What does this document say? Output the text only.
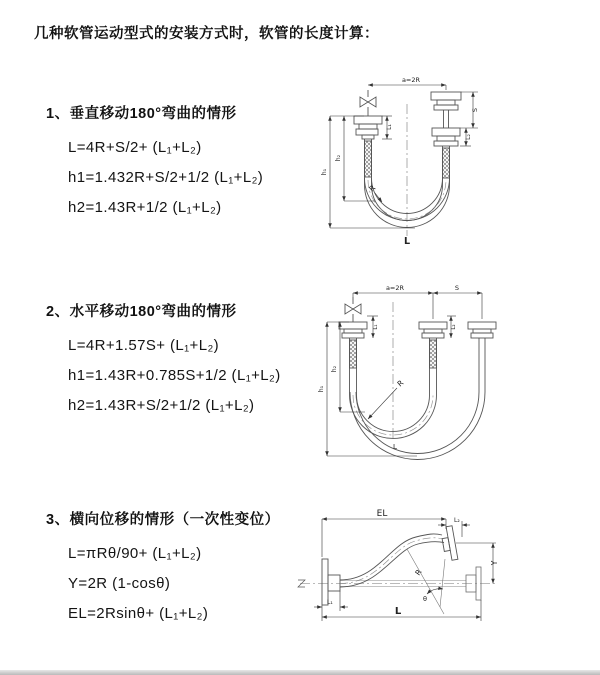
几种软管运动型式的安装方式时，软管的长度计算：
1、垂直移动180°弯曲的情形
L=4R+S/2+ (L₁+L₂)
h1=1.432R+S/2+1/2 (L₁+L₂)
h2=1.43R+1/2 (L₁+L₂)
2、水平移动180°弯曲的情形
L=4R+1.57S+ (L₁+L₂)
h1=1.43R+0.785S+1/2 (L₁+L₂)
h2=1.43R+S/2+1/2 (L₁+L₂)
3、横向位移的情形（一次性变位）
L=πRθ/90+ (L₁+L₂)
Y=2R (1-cosθ)
EL=2Rsinθ+ (L₁+L₂)
a=2R
S
L₂
L₁
h₁
h₂
R
L
a=2R	S
L₁	L₂
h₁
h₂
R
L
EL
L₂
Y
R
θ
L
L₁
